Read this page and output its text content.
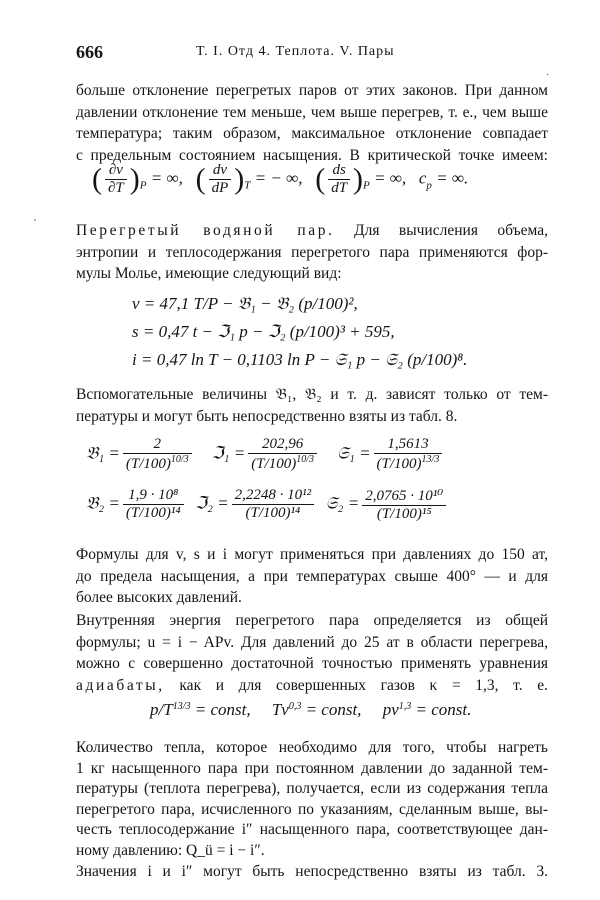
666	Т. I. Отд 4. Теплота. V. Пары
·
больше отклонение перегретых паров от этих законов. При данном
давлении отклонение тем меньше, чем выше перегрев, т. е., чем выше
температура; таким образом, максимальное отклонение совпадает
с предельным состоянием насыщения. В критической точке имеем:
( $\frac{\partial v}{\partial T} )_P$ = ∞, ( $\frac{dv}{dP} )_T$ = − ∞, ( $\frac{ds}{dT} )_P$ = ∞, $c_p$ = ∞.
′	Перегретый водяной пар. Для вычисления объема,
энтропии и теплосодержания перегретого пара применяются фор-
мулы Молье, имеющие следующий вид:
v = 47,1 T/P − 𝔅₁ − 𝔅₂ (p/100)²,
s = 0,47 t − ℑ₁ p − ℑ₂ (p/100)³ + 595,
i = 0,47 ln T − 0,1103 ln P − 𝔖₁ p − 𝔖₂ (p/100)⁸.
Вспомогательные величины 𝔅₁, 𝔅₂ и т. д. зависят только от тем-
пературы и могут быть непосредственно взяты из табл. 8.
𝔅₁ = $\frac{2}{(T/100)^{10/3}}$ ℑ₁ = $\frac{202,96}{(T/100)^{10/3}}$ 𝔖₁ = $\frac{1,5613}{(T/100)^{13/3}}$
𝔅₂ = $\frac{\text{1,9 · 10⁸}}{\text{(T/100)¹⁴}}$ ℑ₂ = $\frac{\text{2,2248 · 10¹²}}{\text{(T/100)¹⁴}}$ 𝔖₂ = $\frac{\text{2,0765 · 10¹⁰}}{\text{(T/100)¹⁵}}$
Формулы для v, s и i могут применяться при давлениях до 150 ат,
до предела насыщения, а при температурах свыше 400° — и для
более высоких давлений.
Внутренняя энергия перегретого пара определяется из общей
формулы; u = i − APv. Для давлений до 25 ат в области перегрева,
можно с совершенно достаточной точностью применять уравнения
адиабаты, как и для совершенных газов κ = 1,3, т. е.
$p/T^{13/3}$ = const, Tv$^{0,3}$ = const, pv$^{1,3}$ = const.
Количество тепла, которое необходимо для того, чтобы нагреть
1 кг насыщенного пара при постоянном давлении до заданной тем-
пературы (теплота перегрева), получается, если из содержания тепла
перегретого пара, исчисленного по указаниям, сделанным выше, вы-
честь теплосодержание i″ насыщенного пара, соответствующее дан-
ному давлению: Q_ü = i − i″.
Значения i и i″ могут быть непосредственно взяты из табл. 3.
